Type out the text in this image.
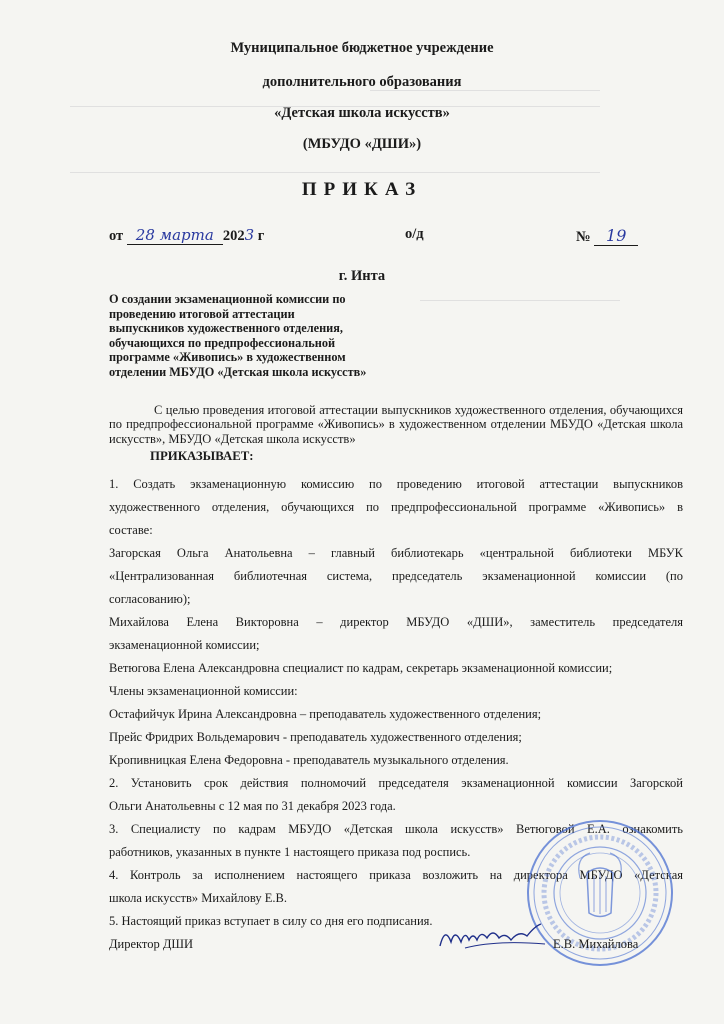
Муниципальное бюджетное учреждение
дополнительного образования
«Детская школа искусств»
(МБУДО «ДШИ»)
ПРИКАЗ
от 28 марта 2023 г	о/д	№ 19
г. Инта
О создании экзаменационной комиссии по
проведению итоговой аттестации
выпускников художественного отделения,
обучающихся по предпрофессиональной
программе «Живопись» в художественном
отделении МБУДО «Детская школа искусств»
С целью проведения итоговой аттестации выпускников художественного отделения, обучающихся по предпрофессиональной программе «Живопись» в художественном отделении МБУДО «Детская школа искусств», МБУДО «Детская школа искусств»
ПРИКАЗЫВАЕТ:
1. Создать экзаменационную комиссию по проведению итоговой аттестации выпускников
художественного отделения, обучающихся по предпрофессиональной программе «Живопись» в
составе:
Загорская Ольга Анатольевна – главный библиотекарь «центральной библиотеки МБУК
«Централизованная библиотечная система, председатель экзаменационной комиссии (по
согласованию);
Михайлова Елена Викторовна – директор МБУДО «ДШИ», заместитель председателя
экзаменационной комиссии;
Ветюгова Елена Александровна специалист по кадрам, секретарь экзаменационной комиссии;
Члены экзаменационной комиссии:
Остафийчук Ирина Александровна – преподаватель художественного отделения;
Прейс Фридрих Вольдемарович - преподаватель художественного отделения;
Кропивницкая Елена Федоровна - преподаватель музыкального отделения.
2. Установить срок действия полномочий председателя экзаменационной комиссии Загорской
Ольги Анатольевны с 12 мая по 31 декабря 2023 года.
3. Специалисту по кадрам МБУДО «Детская школа искусств» Ветюговой Е.А. ознакомить
работников, указанных в пункте 1 настоящего приказа под роспись.
4. Контроль за исполнением настоящего приказа возложить на директора МБУДО «Детская
школа искусств» Михайлову Е.В.
5. Настоящий приказ вступает в силу со дня его подписания.
Директор ДШИ	Е.В. Михайлова
